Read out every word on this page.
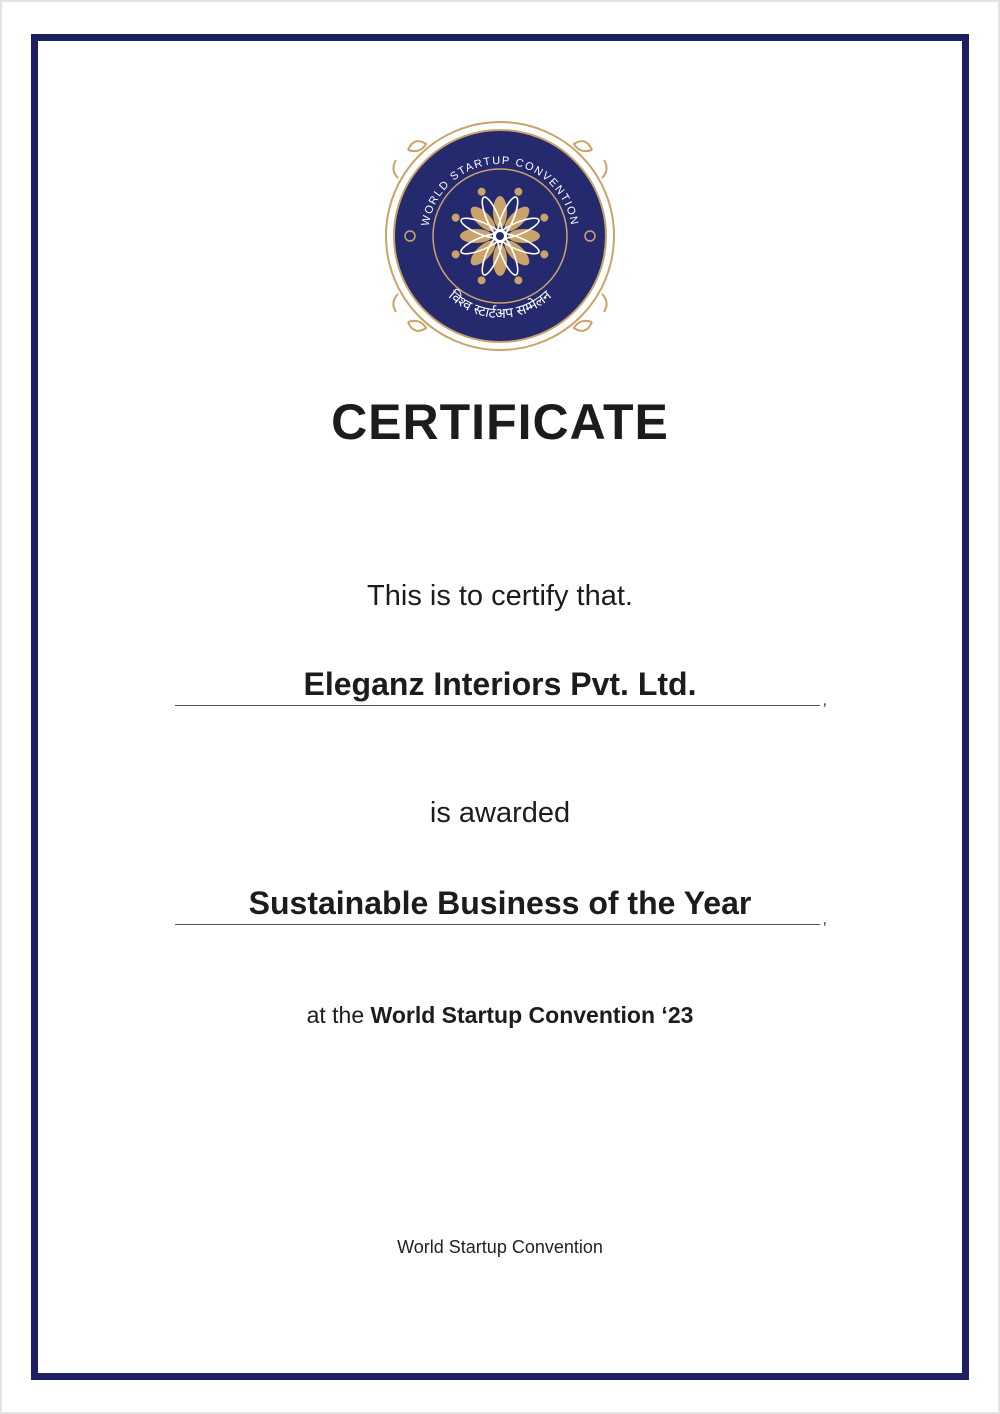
WORLD STARTUP CONVENTION
विश्व स्टार्टअप सम्मेलन
CERTIFICATE
This is to certify that.
Eleganz Interiors Pvt. Ltd.	,
is awarded
Sustainable Business of the Year	,
at the World Startup Convention ‘23
World Startup Convention
